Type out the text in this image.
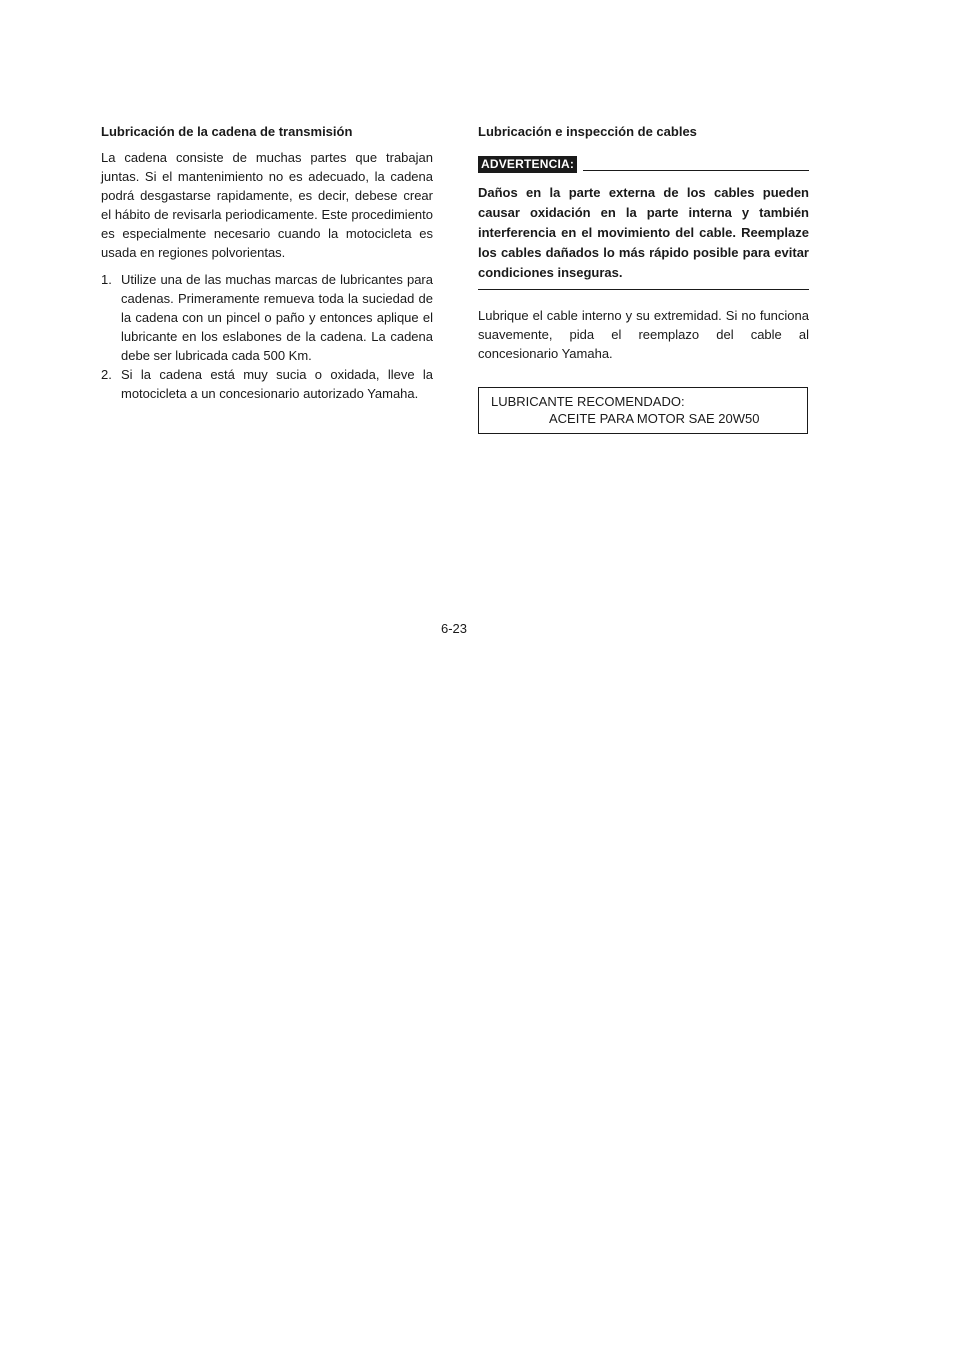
Lubricación de la cadena de transmisión

La cadena consiste de muchas partes que trabajan juntas. Si el mantenimiento no es adecuado, la cadena podrá desgastarse rapidamente, es decir, debese crear el hábito de revisarla periodicamente. Este procedimiento es especialmente necesario cuando la motocicleta es usada en regiones polvorientas.

1. Utilize una de las muchas marcas de lubricantes para cadenas. Primeramente remueva toda la suciedad de la cadena con un pincel o paño y entonces aplique el lubricante en los eslabones de la cadena. La cadena debe ser lubricada cada 500 Km.
2. Si la cadena está muy sucia o oxidada, lleve la motocicleta a un concesionario autorizado Yamaha.
Lubricación e inspección de cables
ADVERTENCIA:

Daños en la parte externa de los cables pueden causar oxidación en la parte interna y también interferencia en el movimiento del cable. Reemplaze los cables dañados lo más rápido posible para evitar condiciones inseguras.

Lubrique el cable interno y su extremidad. Si no funciona suavemente, pida el reemplazo del cable al concesionario Yamaha.

LUBRICANTE RECOMENDADO:
ACEITE PARA MOTOR SAE 20W50
6-23
